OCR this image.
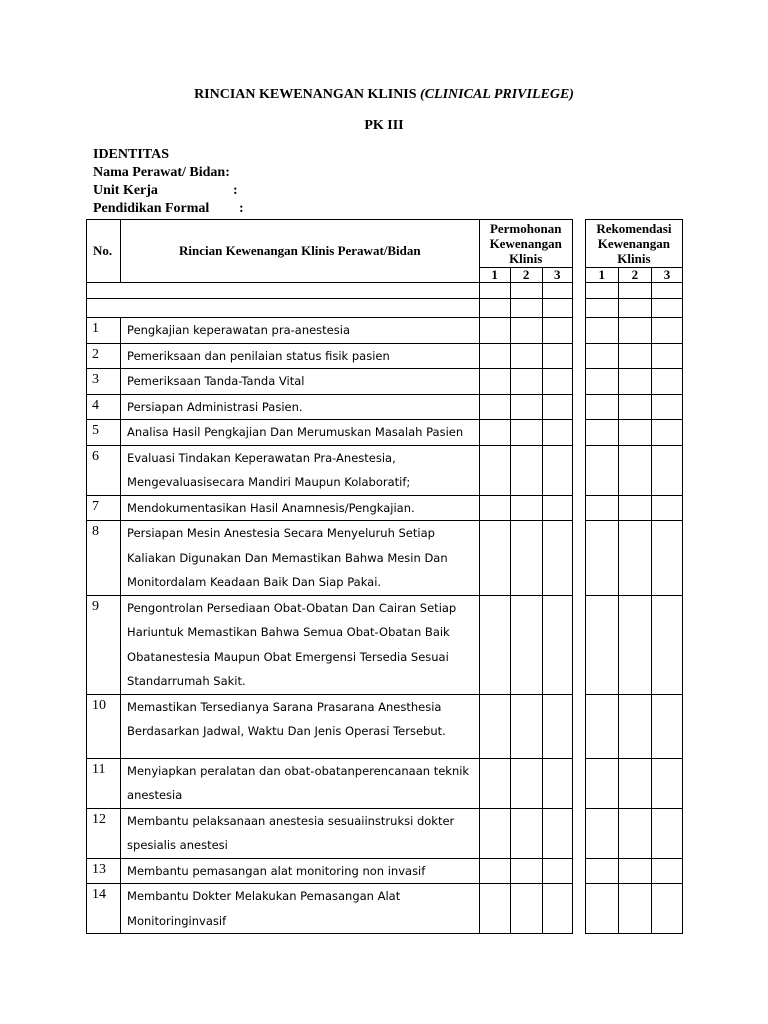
RINCIAN KEWENANGAN KLINIS (CLINICAL PRIVILEGE)
PK III
IDENTITAS
Nama Perawat/ Bidan:
Unit Kerja	:
Pendidikan Formal :
No.	Rincian Kewenangan Klinis Perawat/Bidan	Permohonan Kewenangan Klinis				Rekomendasi Kewenangan Klinis		
		1	2	3		1	2	3

1	Pengkajian keperawatan pra-anestesia							
2	Pemeriksaan dan penilaian status fisik pasien							
3	Pemeriksaan Tanda-Tanda Vital							
4	Persiapan Administrasi Pasien.							
5	Analisa Hasil Pengkajian Dan Merumuskan Masalah Pasien							
6	Evaluasi Tindakan Keperawatan Pra-Anestesia, Mengevaluasisecara Mandiri Maupun Kolaboratif;							
7	Mendokumentasikan Hasil Anamnesis/Pengkajian.							
8	Persiapan Mesin Anestesia Secara Menyeluruh Setiap Kaliakan Digunakan Dan Memastikan Bahwa Mesin Dan Monitordalam Keadaan Baik Dan Siap Pakai.							
9	Pengontrolan Persediaan Obat-Obatan Dan Cairan Setiap Hariuntuk Memastikan Bahwa Semua Obat-Obatan Baik Obatanestesia Maupun Obat Emergensi Tersedia Sesuai Standarrumah Sakit.							
10	Memastikan Tersedianya Sarana Prasarana Anesthesia Berdasarkan Jadwal, Waktu Dan Jenis Operasi Tersebut.							
11	Menyiapkan peralatan dan obat-obatanperencanaan teknik anestesia							
12	Membantu pelaksanaan anestesia sesuaiinstruksi dokter spesialis anestesi							
13	Membantu pemasangan alat monitoring non invasif							
14	Membantu Dokter Melakukan Pemasangan Alat Monitoringinvasif							
